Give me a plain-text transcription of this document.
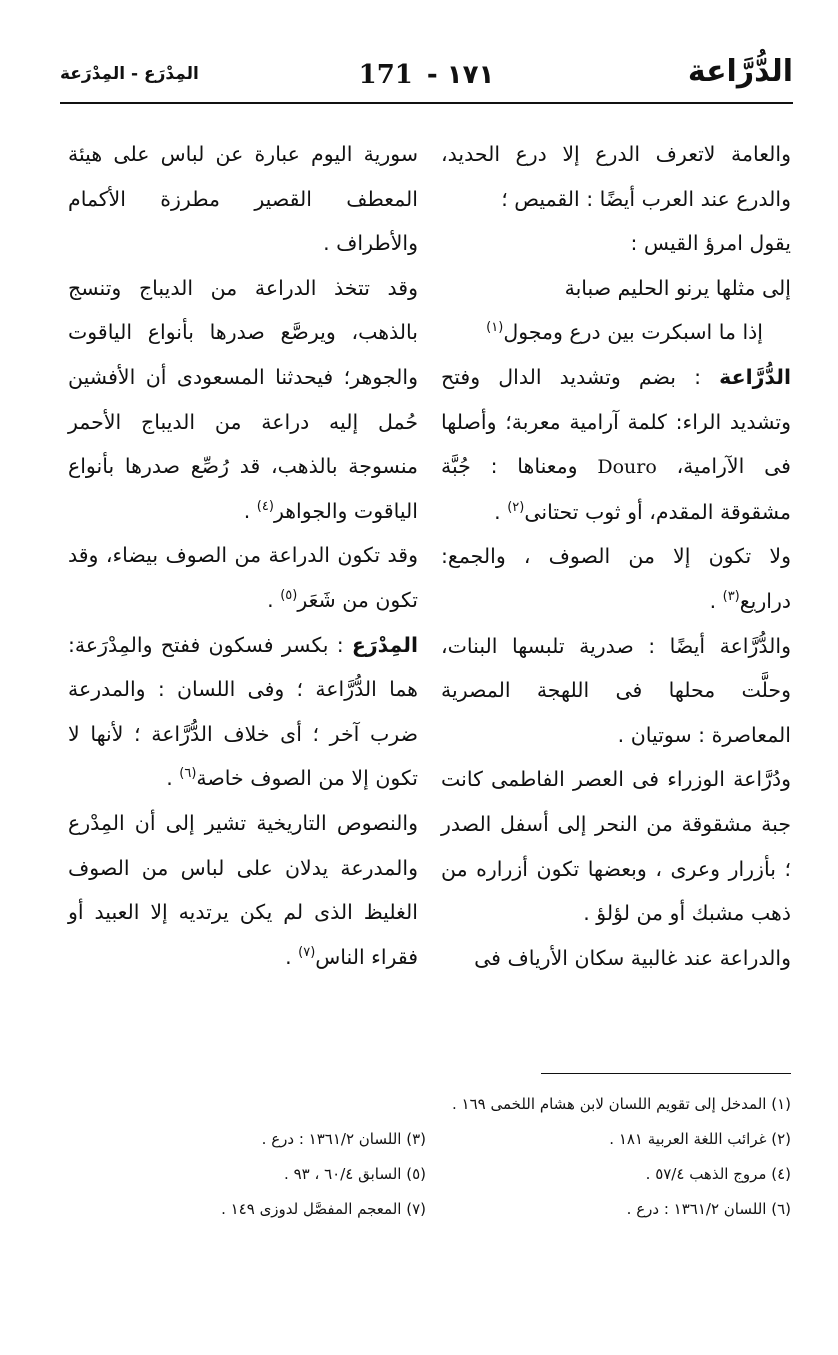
الدُّرَّاعة
١٧١ -171
المِدْرَع - المِدْرَعة

والعامة لاتعرف الدرع إلا درع الحديد، والدرع عند العرب أيضًا : القميص ؛

يقول امرؤ القيس :

إلى مثلها يرنو الحليم صبابة

إذا ما اسبكرت بين درع ومجول$^{(١)}$

الدُّرَّاعة : بضم وتشديد الدال وفتح وتشديد الراء: كلمة آرامية معربة؛ وأصلها فى الآرامية، Douro ومعناها : جُبَّة مشقوقة المقدم، أو ثوب تحتانى$^{(٢)}$ .

ولا تكون إلا من الصوف ، والجمع: دراريع$^{(٣)}$ .

والدُّرَّاعة أيضًا : صدرية تلبسها البنات، وحلَّت محلها فى اللهجة المصرية المعاصرة : سوتيان .

ودُرَّاعة الوزراء فى العصر الفاطمى كانت جبة مشقوقة من النحر إلى أسفل الصدر ؛ بأزرار وعرى ، وبعضها تكون أزراره من ذهب مشبك أو من لؤلؤ .

والدراعة عند غالبية سكان الأرياف فى

سورية اليوم عبارة عن لباس على هيئة المعطف القصير مطرزة الأكمام والأطراف .

وقد تتخذ الدراعة من الديباج وتنسج بالذهب، ويرصَّع صدرها بأنواع الياقوت والجوهر؛ فيحدثنا المسعودى أن الأفشين حُمل إليه دراعة من الديباج الأحمر منسوجة بالذهب، قد رُصِّع صدرها بأنواع الياقوت والجواهر$^{(٤)}$ .

وقد تكون الدراعة من الصوف بيضاء، وقد تكون من شَعَر$^{(٥)}$ .

المِدْرَع : بكسر فسكون ففتح والمِدْرَعة: هما الدُّرَّاعة ؛ وفى اللسان : والمدرعة ضرب آخر ؛ أى خلاف الدُّرَّاعة ؛ لأنها لا تكون إلا من الصوف خاصة$^{(٦)}$ .

والنصوص التاريخية تشير إلى أن المِدْرع والمدرعة يدلان على لباس من الصوف الغليظ الذى لم يكن يرتديه إلا العبيد أو فقراء الناس$^{(٧)}$ .

(١) المدخل إلى تقويم اللسان لابن هشام اللخمى ١٦٩ .
(٢) غرائب اللغة العربية ١٨١ .
(٣) اللسان ١٣٦١/٢ : درع .
(٤) مروج الذهب ٥٧/٤ .
(٥) السابق ٦٠/٤ ، ٩٣ .
(٦) اللسان ١٣٦١/٢ : درع .
(٧) المعجم المفصَّل لدوزى ١٤٩ .
